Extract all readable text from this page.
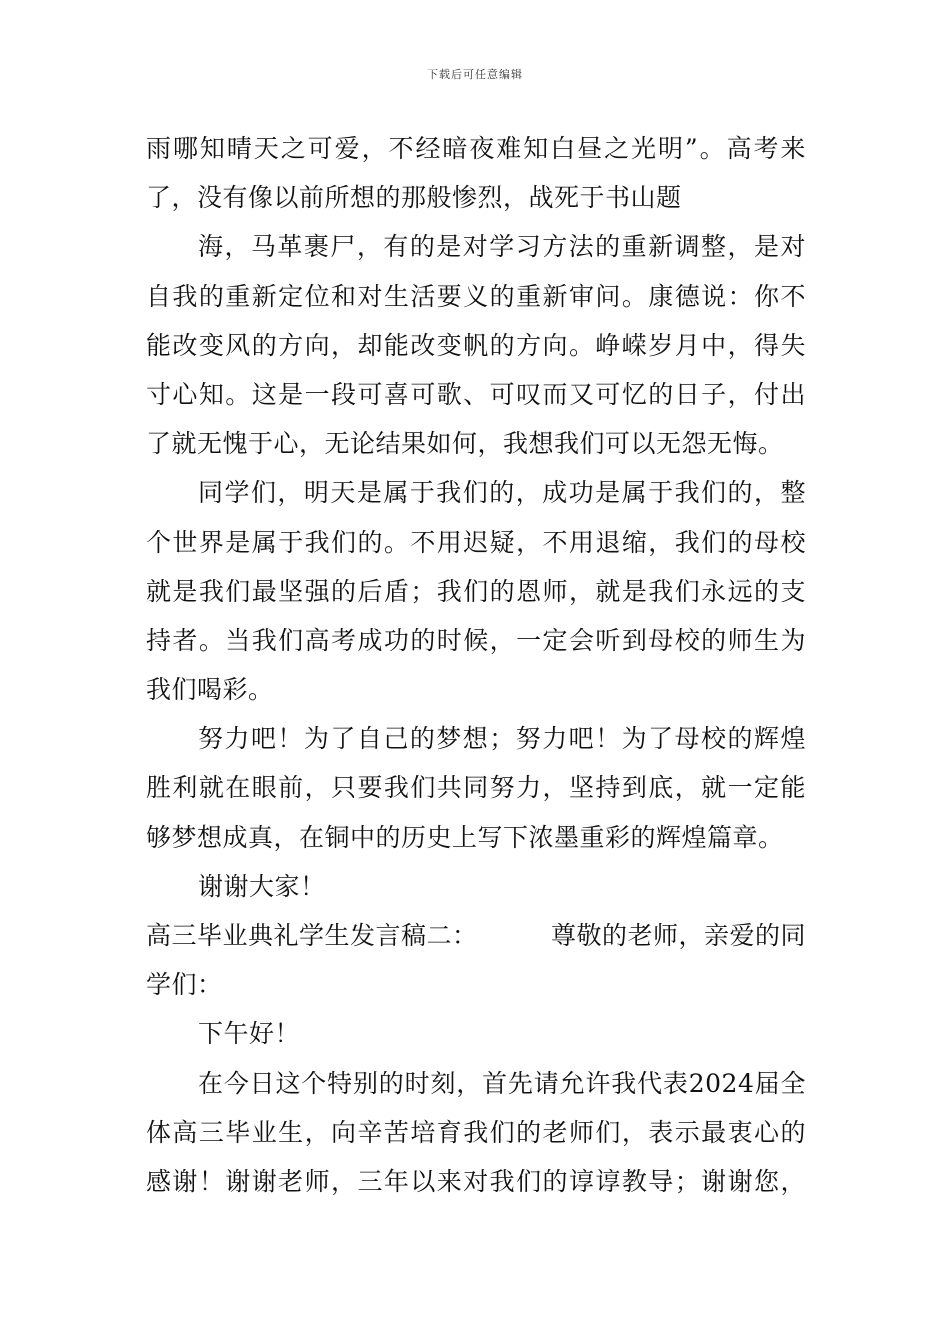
下载后可任意编辑
雨哪知晴天之可爱，不经暗夜难知白昼之光明”。高考来
了，没有像以前所想的那般惨烈，战死于书山题
海，马革裹尸，有的是对学习方法的重新调整，是对
自我的重新定位和对生活要义的重新审问。康德说：你不
能改变风的方向，却能改变帆的方向。峥嵘岁月中，得失
寸心知。这是一段可喜可歌、可叹而又可忆的日子，付出
了就无愧于心，无论结果如何，我想我们可以无怨无悔。
同学们，明天是属于我们的，成功是属于我们的，整
个世界是属于我们的。不用迟疑，不用退缩，我们的母校
就是我们最坚强的后盾；我们的恩师，就是我们永远的支
持者。当我们高考成功的时候，一定会听到母校的师生为
我们喝彩。
努力吧！为了自己的梦想；努力吧！为了母校的辉煌
胜利就在眼前，只要我们共同努力，坚持到底，就一定能
够梦想成真，在铜中的历史上写下浓墨重彩的辉煌篇章。
谢谢大家！
高三毕业典礼学生发言稿二：	尊敬的老师，亲爱的同
学们：
下午好！
在今日这个特别的时刻，首先请允许我代表2024届全
体高三毕业生，向辛苦培育我们的老师们，表示最衷心的
感谢！谢谢老师，三年以来对我们的谆谆教导；谢谢您，
